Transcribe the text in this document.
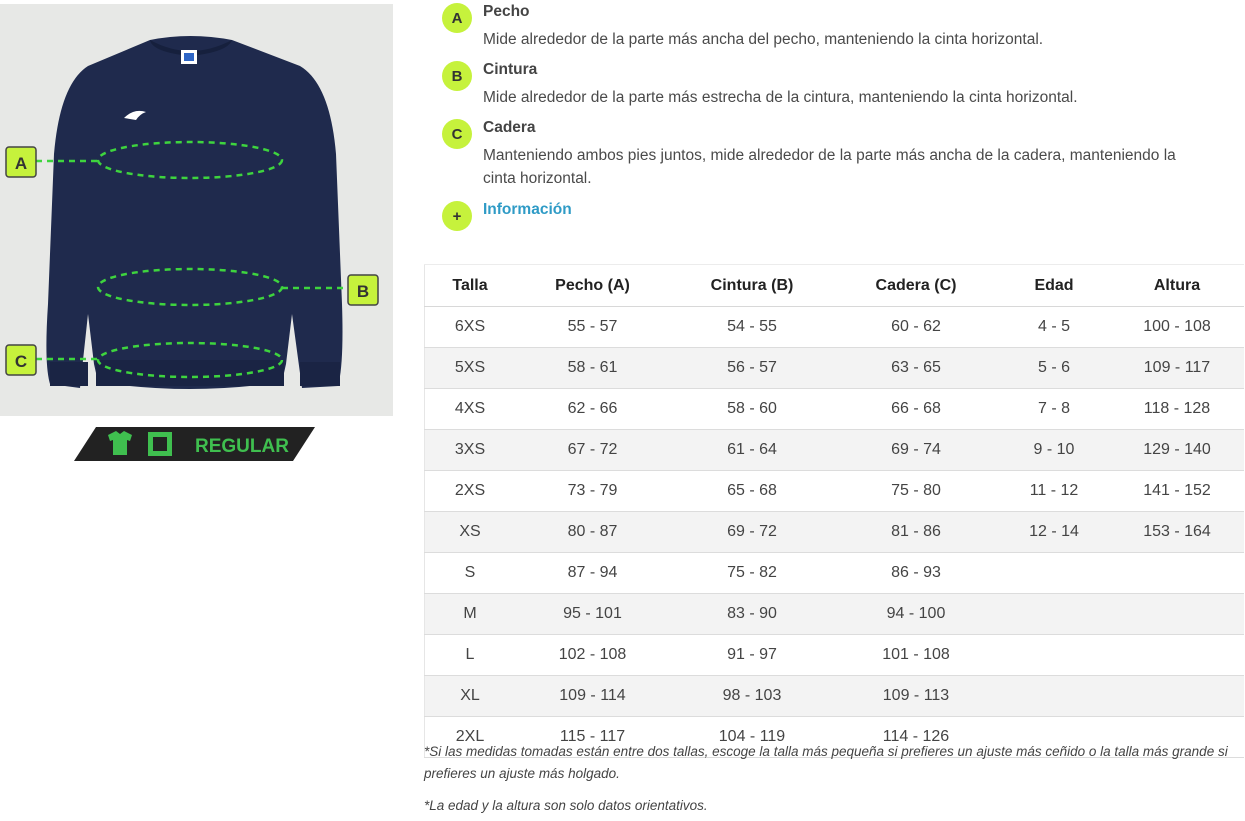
A
B
C
REGULAR
A	Pecho
Mide alrededor de la parte más ancha del pecho, manteniendo la cinta horizontal.
B	Cintura
Mide alrededor de la parte más estrecha de la cintura, manteniendo la cinta horizontal.
C	Cadera
Manteniendo ambos pies juntos, mide alrededor de la parte más ancha de la cadera, manteniendo la cinta horizontal.
+	Información
Talla	Pecho (A)	Cintura (B)	Cadera (C)	Edad	Altura
6XS	55 - 57	54 - 55	60 - 62	4 - 5	100 - 108
5XS	58 - 61	56 - 57	63 - 65	5 - 6	109 - 117
4XS	62 - 66	58 - 60	66 - 68	7 - 8	118 - 128
3XS	67 - 72	61 - 64	69 - 74	9 - 10	129 - 140
2XS	73 - 79	65 - 68	75 - 80	11 - 12	141 - 152
XS	80 - 87	69 - 72	81 - 86	12 - 14	153 - 164
S	87 - 94	75 - 82	86 - 93		
M	95 - 101	83 - 90	94 - 100		
L	102 - 108	91 - 97	101 - 108		
XL	109 - 114	98 - 103	109 - 113		
2XL	115 - 117	104 - 119	114 - 126		
*Si las medidas tomadas están entre dos tallas, escoge la talla más pequeña si prefieres un ajuste más ceñido o la talla más grande si prefieres un ajuste más holgado.
*La edad y la altura son solo datos orientativos.
